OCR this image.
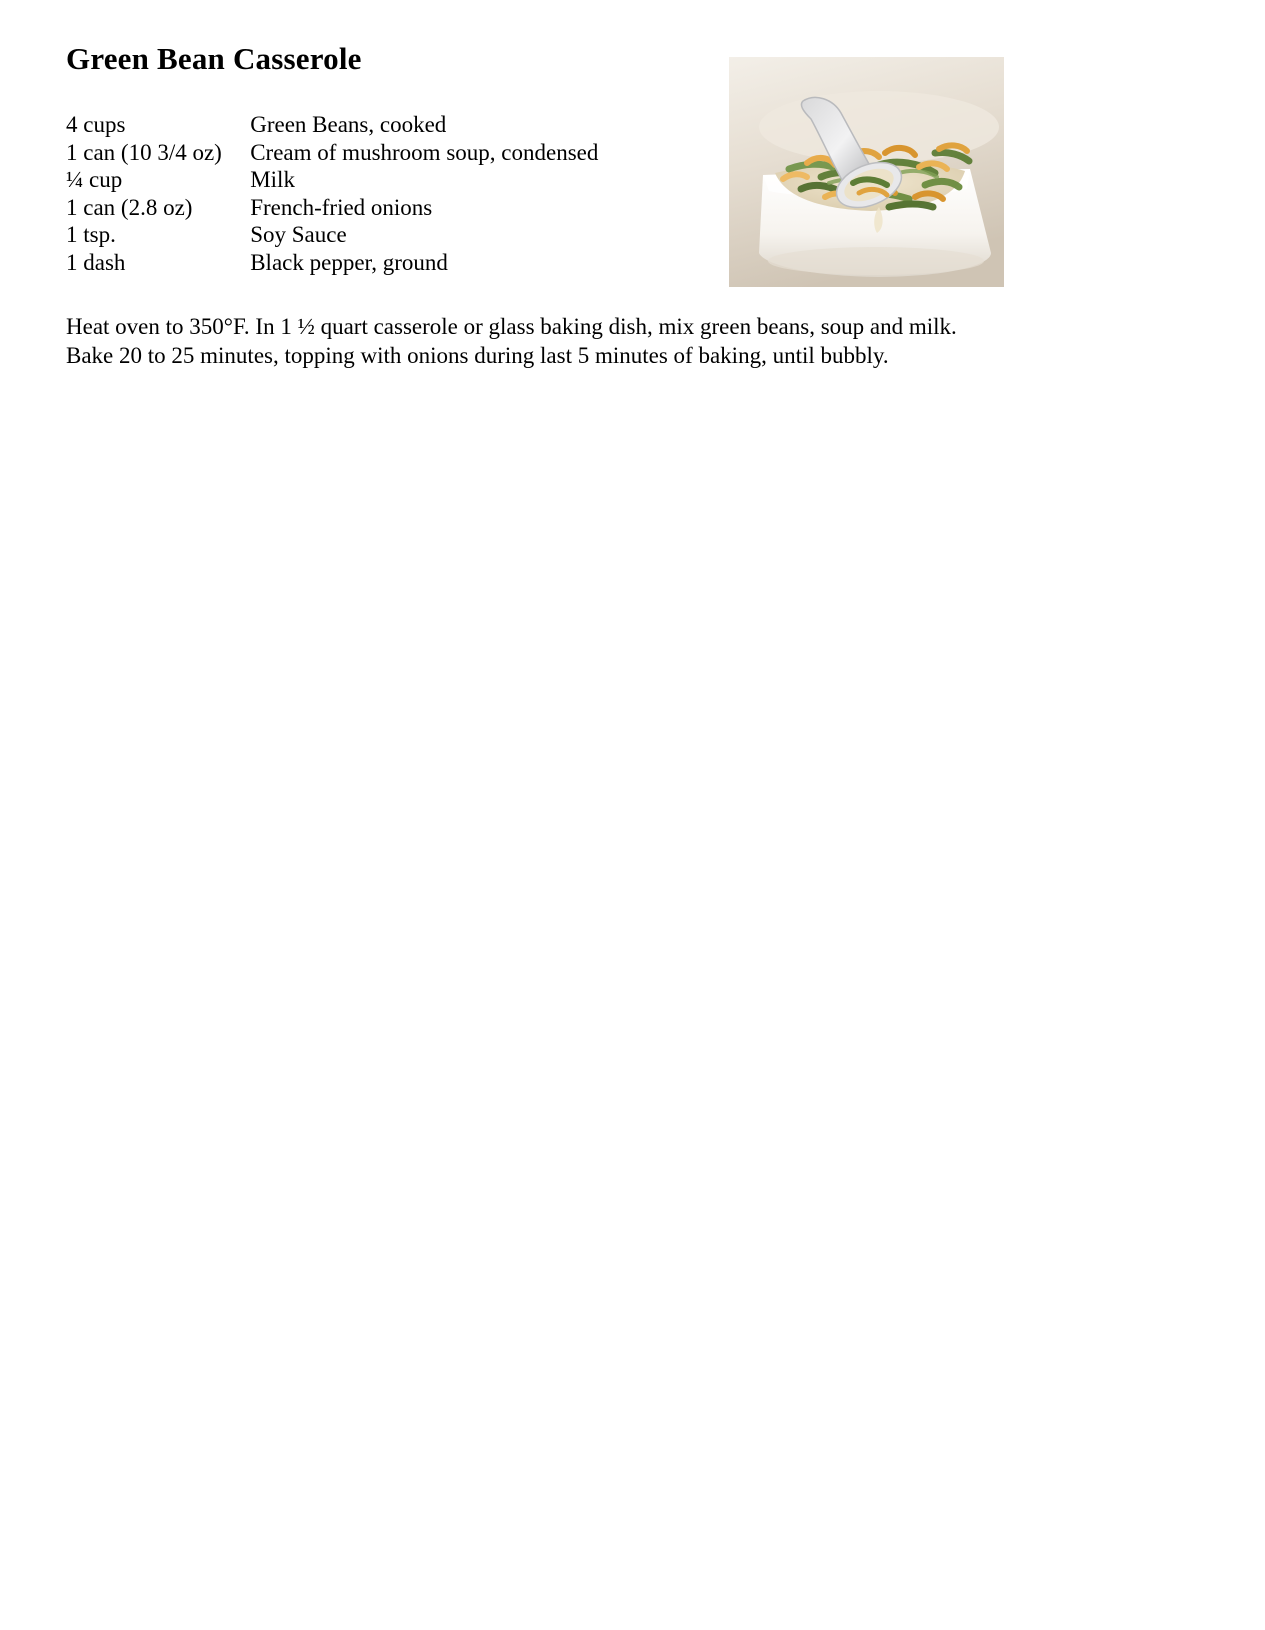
Green Bean Casserole
4 cups	Green Beans, cooked
1 can (10 3/4 oz)	Cream of mushroom soup, condensed
¼ cup	Milk
1 can (2.8 oz)	French-fried onions
1 tsp.	Soy Sauce
1 dash	Black pepper, ground
Heat oven to 350°F. In 1 ½ quart casserole or glass baking dish, mix green beans, soup and milk.
Bake 20 to 25 minutes, topping with onions during last 5 minutes of baking, until bubbly.
